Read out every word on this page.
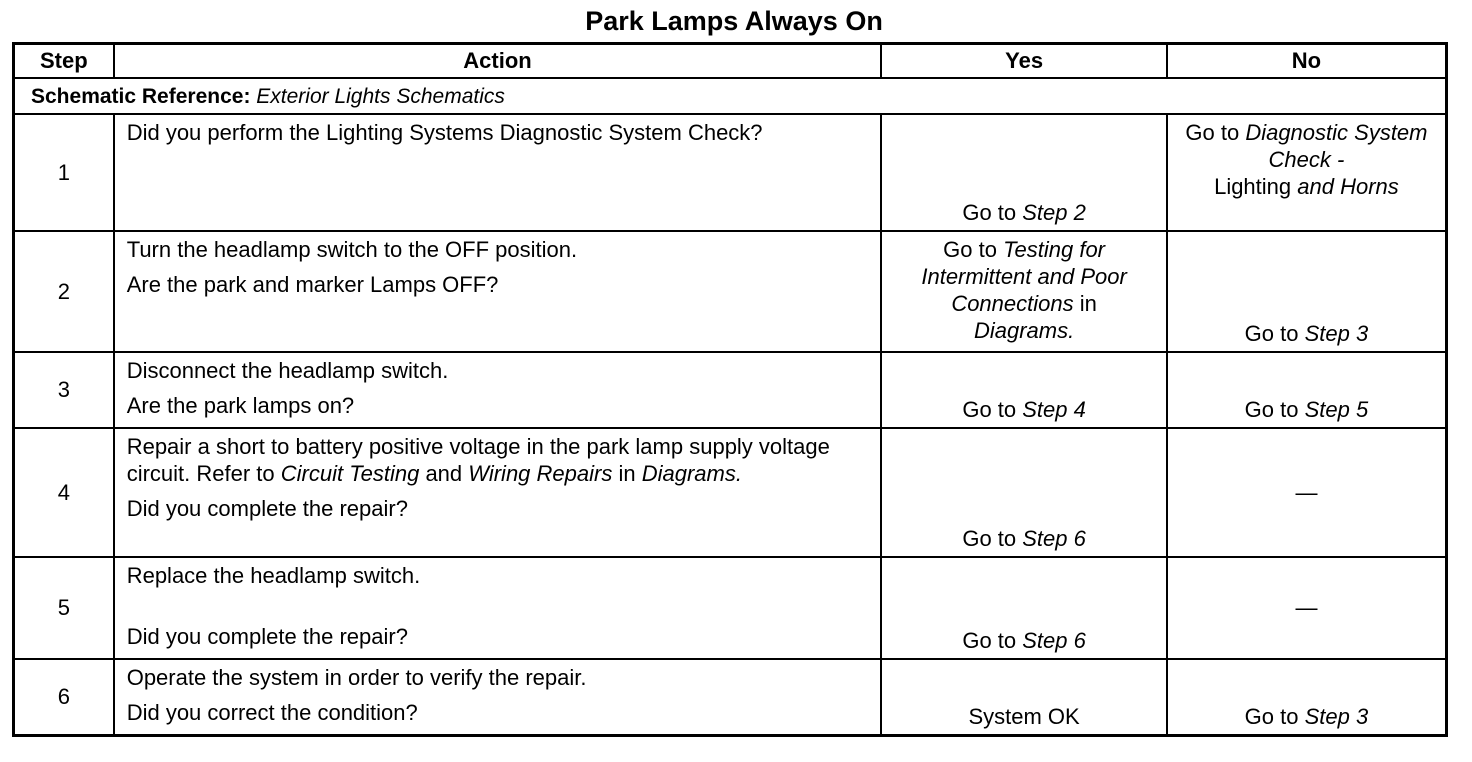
Park Lamps Always On
Step	Action	Yes	No
Schematic Reference: Exterior Lights Schematics			
1	Did you perform the Lighting Systems Diagnostic System Check?	Go to Step 2	Go to Diagnostic System Check -
Lighting and Horns
2	Turn the headlamp switch to the OFF position.

Are the park and marker Lamps OFF?	Go to Testing for Intermittent and Poor Connections in Diagrams.	Go to Step 3
3	Disconnect the headlamp switch.

Are the park lamps on?	Go to Step 4	Go to Step 5
4	Repair a short to battery positive voltage in the park lamp supply voltage circuit. Refer to Circuit Testing and Wiring Repairs in Diagrams.

Did you complete the repair?	Go to Step 6	—
5	Replace the headlamp switch.

Did you complete the repair?	Go to Step 6	—
6	Operate the system in order to verify the repair.

Did you correct the condition?	System OK	Go to Step 3
